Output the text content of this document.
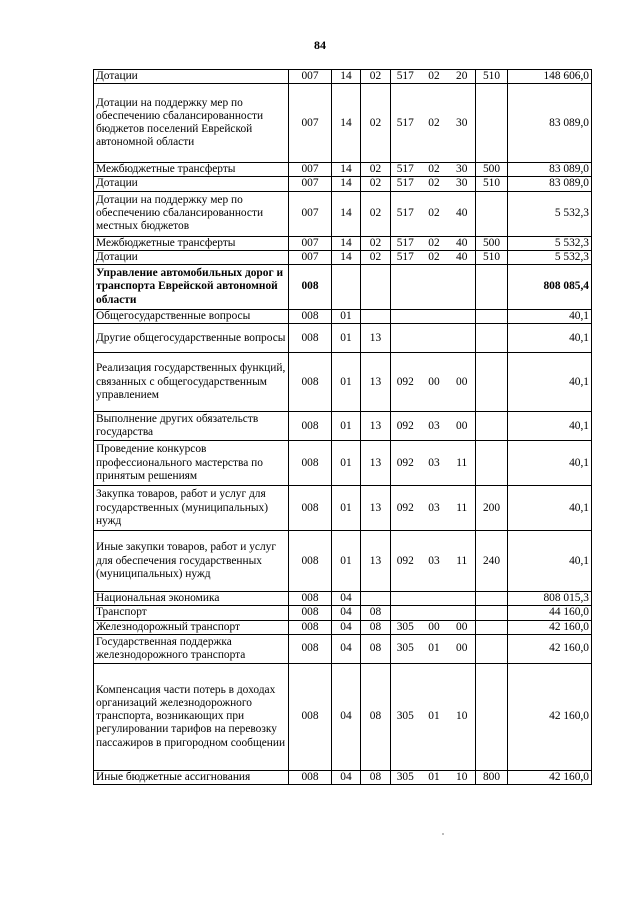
84
Дотации	007	14	02	517	02	20	510	148 606,0
Дотации на поддержку мер по обеспечению сбалансированности бюджетов поселений Еврейской автономной области	007	14	02	517	02	30		83 089,0
Межбюджетные трансферты	007	14	02	517	02	30	500	83 089,0
Дотации	007	14	02	517	02	30	510	83 089,0
Дотации на поддержку мер по обеспечению сбалансированности местных бюджетов	007	14	02	517	02	40		5 532,3
Межбюджетные трансферты	007	14	02	517	02	40	500	5 532,3
Дотации	007	14	02	517	02	40	510	5 532,3
Управление автомобильных дорог и транспорта Еврейской автономной области	008							808 085,4
Общегосударственные вопросы	008	01						40,1
Другие общегосударственные вопросы	008	01	13					40,1
Реализация государственных функций, связанных с общегосударственным управлением	008	01	13	092	00	00		40,1
Выполнение других обязательств государства	008	01	13	092	03	00		40,1
Проведение конкурсов профессионального мастерства по принятым решениям	008	01	13	092	03	11		40,1
Закупка товаров, работ и услуг для государственных (муниципальных) нужд	008	01	13	092	03	11	200	40,1
Иные закупки товаров, работ и услуг для обеспечения государственных (муниципальных) нужд	008	01	13	092	03	11	240	40,1
Национальная экономика	008	04						808 015,3
Транспорт	008	04	08					44 160,0
Железнодорожный транспорт	008	04	08	305	00	00		42 160,0
Государственная поддержка железнодорожного транспорта	008	04	08	305	01	00		42 160,0
Компенсация части потерь в доходах организаций железнодорожного транспорта, возникающих при регулировании тарифов на перевозку пассажиров в пригородном сообщении	008	04	08	305	01	10		42 160,0
Иные бюджетные ассигнования	008	04	08	305	01	10	800	42 160,0
